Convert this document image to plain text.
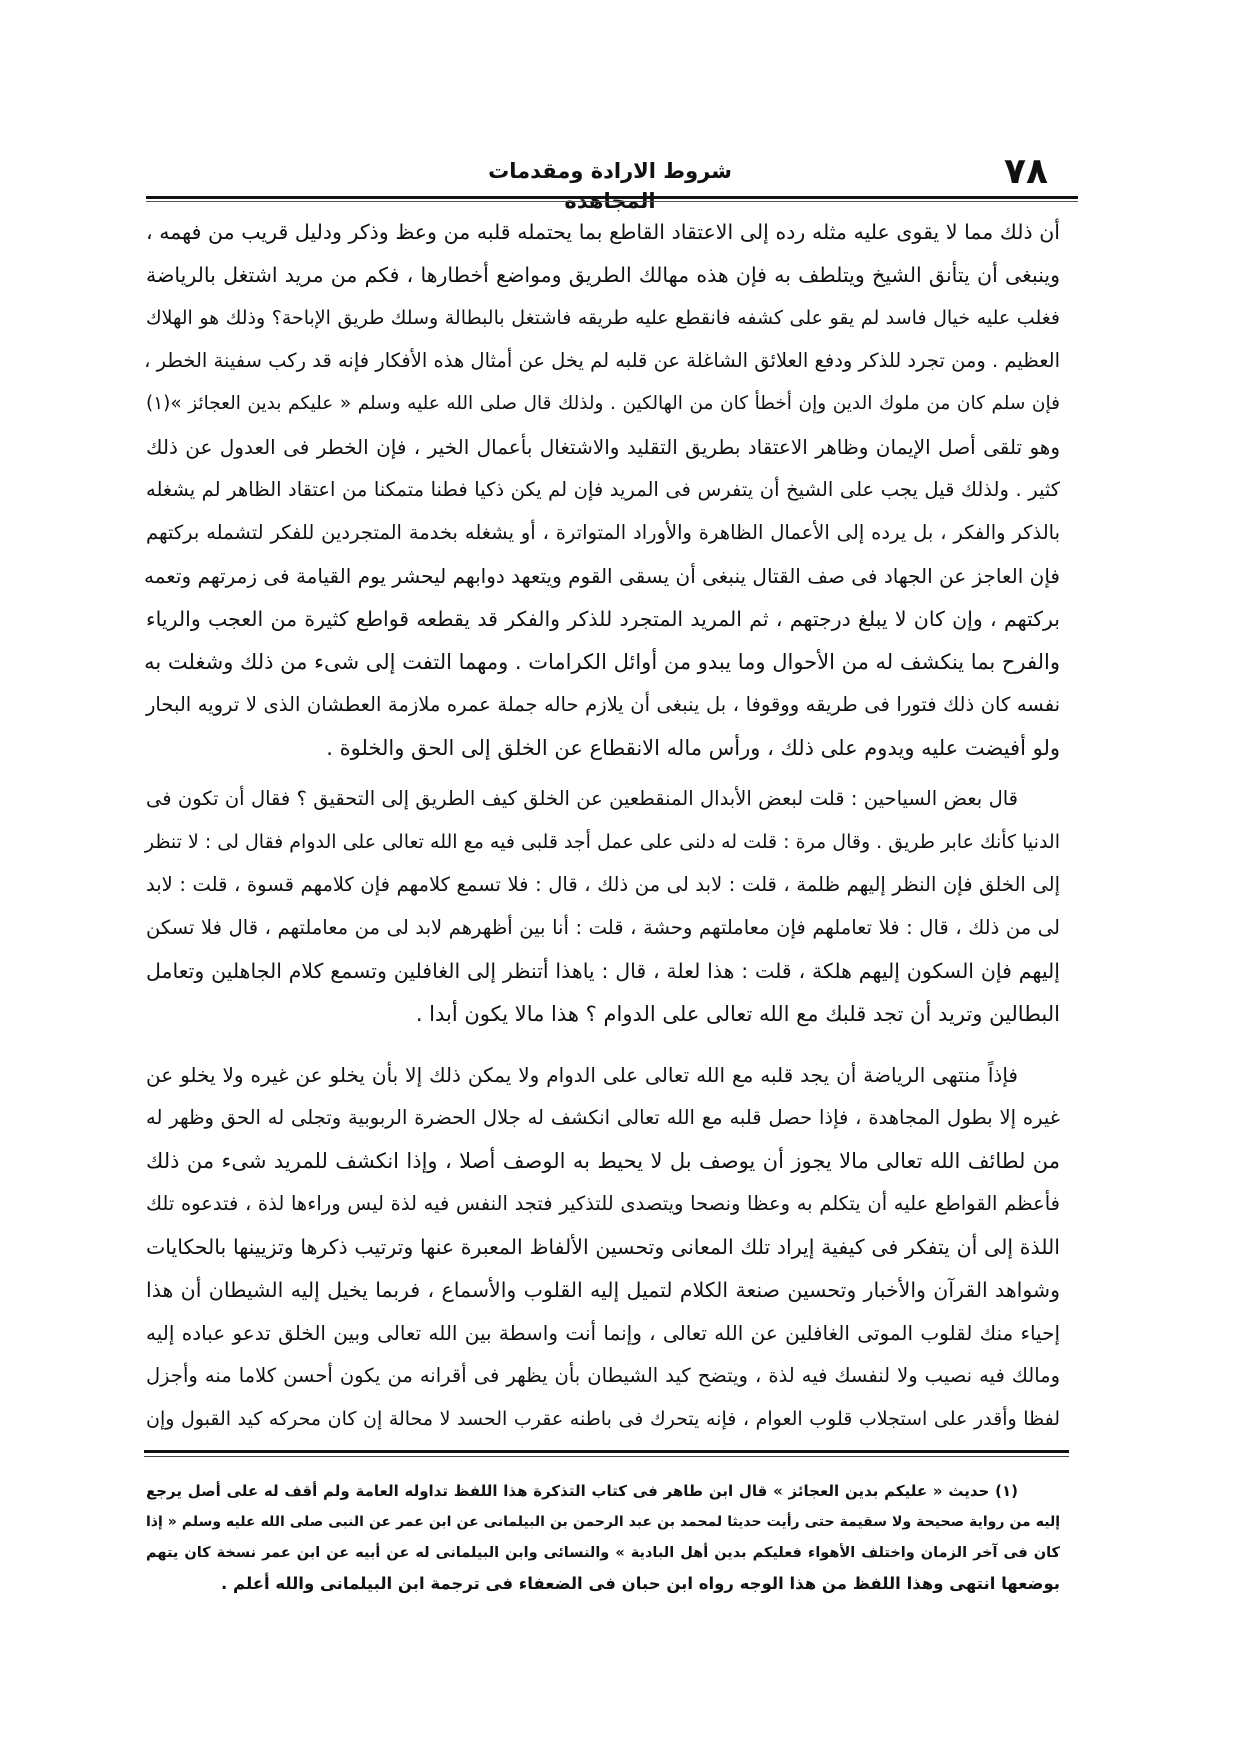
٧٨
شروط الارادة ومقدمات
أن ذلك مما لا يقوى عليه مثله رده إلى الاعتقاد القاطع بما يحتمله قلبه من وعظ وذكر ودليل قريب من فهمه ،
وينبغى أن يتأنق الشيخ ويتلطف به فإن هذه مهالك الطريق ومواضع أخطارها ، فكم من مريد اشتغل بالرياضة
فغلب عليه خيال فاسد لم يقو على كشفه فانقطع عليه طريقه فاشتغل بالبطالة وسلك طريق الإباحة؟ وذلك هو الهلاك
العظيم . ومن تجرد للذكر ودفع العلائق الشاغلة عن قلبه لم يخل عن أمثال هذه الأفكار فإنه قد ركب سفينة الخطر ،
فإن سلم كان من ملوك الدين وإن أخطأ كان من الهالكين . ولذلك قال صلى الله عليه وسلم « عليكم بدين العجائز »(١)
وهو تلقى أصل الإيمان وظاهر الاعتقاد بطريق التقليد والاشتغال بأعمال الخير ، فإن الخطر فى العدول عن ذلك
كثير . ولذلك قيل يجب على الشيخ أن يتفرس فى المريد فإن لم يكن ذكيا فطنا متمكنا من اعتقاد الظاهر لم يشغله
بالذكر والفكر ، بل يرده إلى الأعمال الظاهرة والأوراد المتواترة ، أو يشغله بخدمة المتجردين للفكر لتشمله بركتهم
فإن العاجز عن الجهاد فى صف القتال ينبغى أن يسقى القوم ويتعهد دوابهم ليحشر يوم القيامة فى زمرتهم وتعمه
بركتهم ، وإن كان لا يبلغ درجتهم ، ثم المريد المتجرد للذكر والفكر قد يقطعه قواطع كثيرة من العجب والرياء
والفرح بما ينكشف له من الأحوال وما يبدو من أوائل الكرامات . ومهما التفت إلى شىء من ذلك وشغلت به
نفسه كان ذلك فتورا فى طريقه ووقوفا ، بل ينبغى أن يلازم حاله جملة عمره ملازمة العطشان الذى لا ترويه البحار
ولو أفيضت عليه ويدوم على ذلك ، ورأس ماله الانقطاع عن الخلق إلى الحق والخلوة .
قال بعض السياحين : قلت لبعض الأبدال المنقطعين عن الخلق كيف الطريق إلى التحقيق ؟ فقال أن تكون فى
الدنيا كأنك عابر طريق . وقال مرة : قلت له دلنى على عمل أجد قلبى فيه مع الله تعالى على الدوام فقال لى : لا تنظر
إلى الخلق فإن النظر إليهم ظلمة ، قلت : لابد لى من ذلك ، قال : فلا تسمع كلامهم فإن كلامهم قسوة ، قلت : لابد
لى من ذلك ، قال : فلا تعاملهم فإن معاملتهم وحشة ، قلت : أنا بين أظهرهم لابد لى من معاملتهم ، قال فلا تسكن
إليهم فإن السكون إليهم هلكة ، قلت : هذا لعلة ، قال : ياهذا أتنظر إلى الغافلين وتسمع كلام الجاهلين وتعامل
البطالين وتريد أن تجد قلبك مع الله تعالى على الدوام ؟ هذا مالا يكون أبدا .
فإذاً منتهى الرياضة أن يجد قلبه مع الله تعالى على الدوام ولا يمكن ذلك إلا بأن يخلو عن غيره ولا يخلو عن
غيره إلا بطول المجاهدة ، فإذا حصل قلبه مع الله تعالى انكشف له جلال الحضرة الربوبية وتجلى له الحق وظهر له
من لطائف الله تعالى مالا يجوز أن يوصف بل لا يحيط به الوصف أصلا ، وإذا انكشف للمريد شىء من ذلك
فأعظم القواطع عليه أن يتكلم به وعظا ونصحا ويتصدى للتذكير فتجد النفس فيه لذة ليس وراءها لذة ، فتدعوه تلك
اللذة إلى أن يتفكر فى كيفية إيراد تلك المعانى وتحسين الألفاظ المعبرة عنها وترتيب ذكرها وتزيينها بالحكايات
وشواهد القرآن والأخبار وتحسين صنعة الكلام لتميل إليه القلوب والأسماع ، فربما يخيل إليه الشيطان أن هذا
إحياء منك لقلوب الموتى الغافلين عن الله تعالى ، وإنما أنت واسطة بين الله تعالى وبين الخلق تدعو عباده إليه
ومالك فيه نصيب ولا لنفسك فيه لذة ، ويتضح كيد الشيطان بأن يظهر فى أقرانه من يكون أحسن كلاما منه وأجزل
لفظا وأقدر على استجلاب قلوب العوام ، فإنه يتحرك فى باطنه عقرب الحسد لا محالة إن كان محركه كيد القبول وإن
(١) حديث « عليكم بدين العجائز » قال ابن طاهر فى كتاب التذكرة هذا اللفظ تداوله العامة ولم أقف له على أصل يرجع
إليه من رواية صحيحة ولا سقيمة حتى رأيت حديثا لمحمد بن عبد الرحمن بن البيلمانى عن ابن عمر عن النبى صلى الله عليه وسلم « إذا
كان فى آخر الزمان واختلف الأهواء فعليكم بدين أهل البادية » والنسائى وابن البيلمانى له عن أبيه عن ابن عمر نسخة كان يتهم
بوضعها انتهى وهذا اللفظ من هذا الوجه رواه ابن حبان فى الضعفاء فى ترجمة ابن البيلمانى والله أعلم .
